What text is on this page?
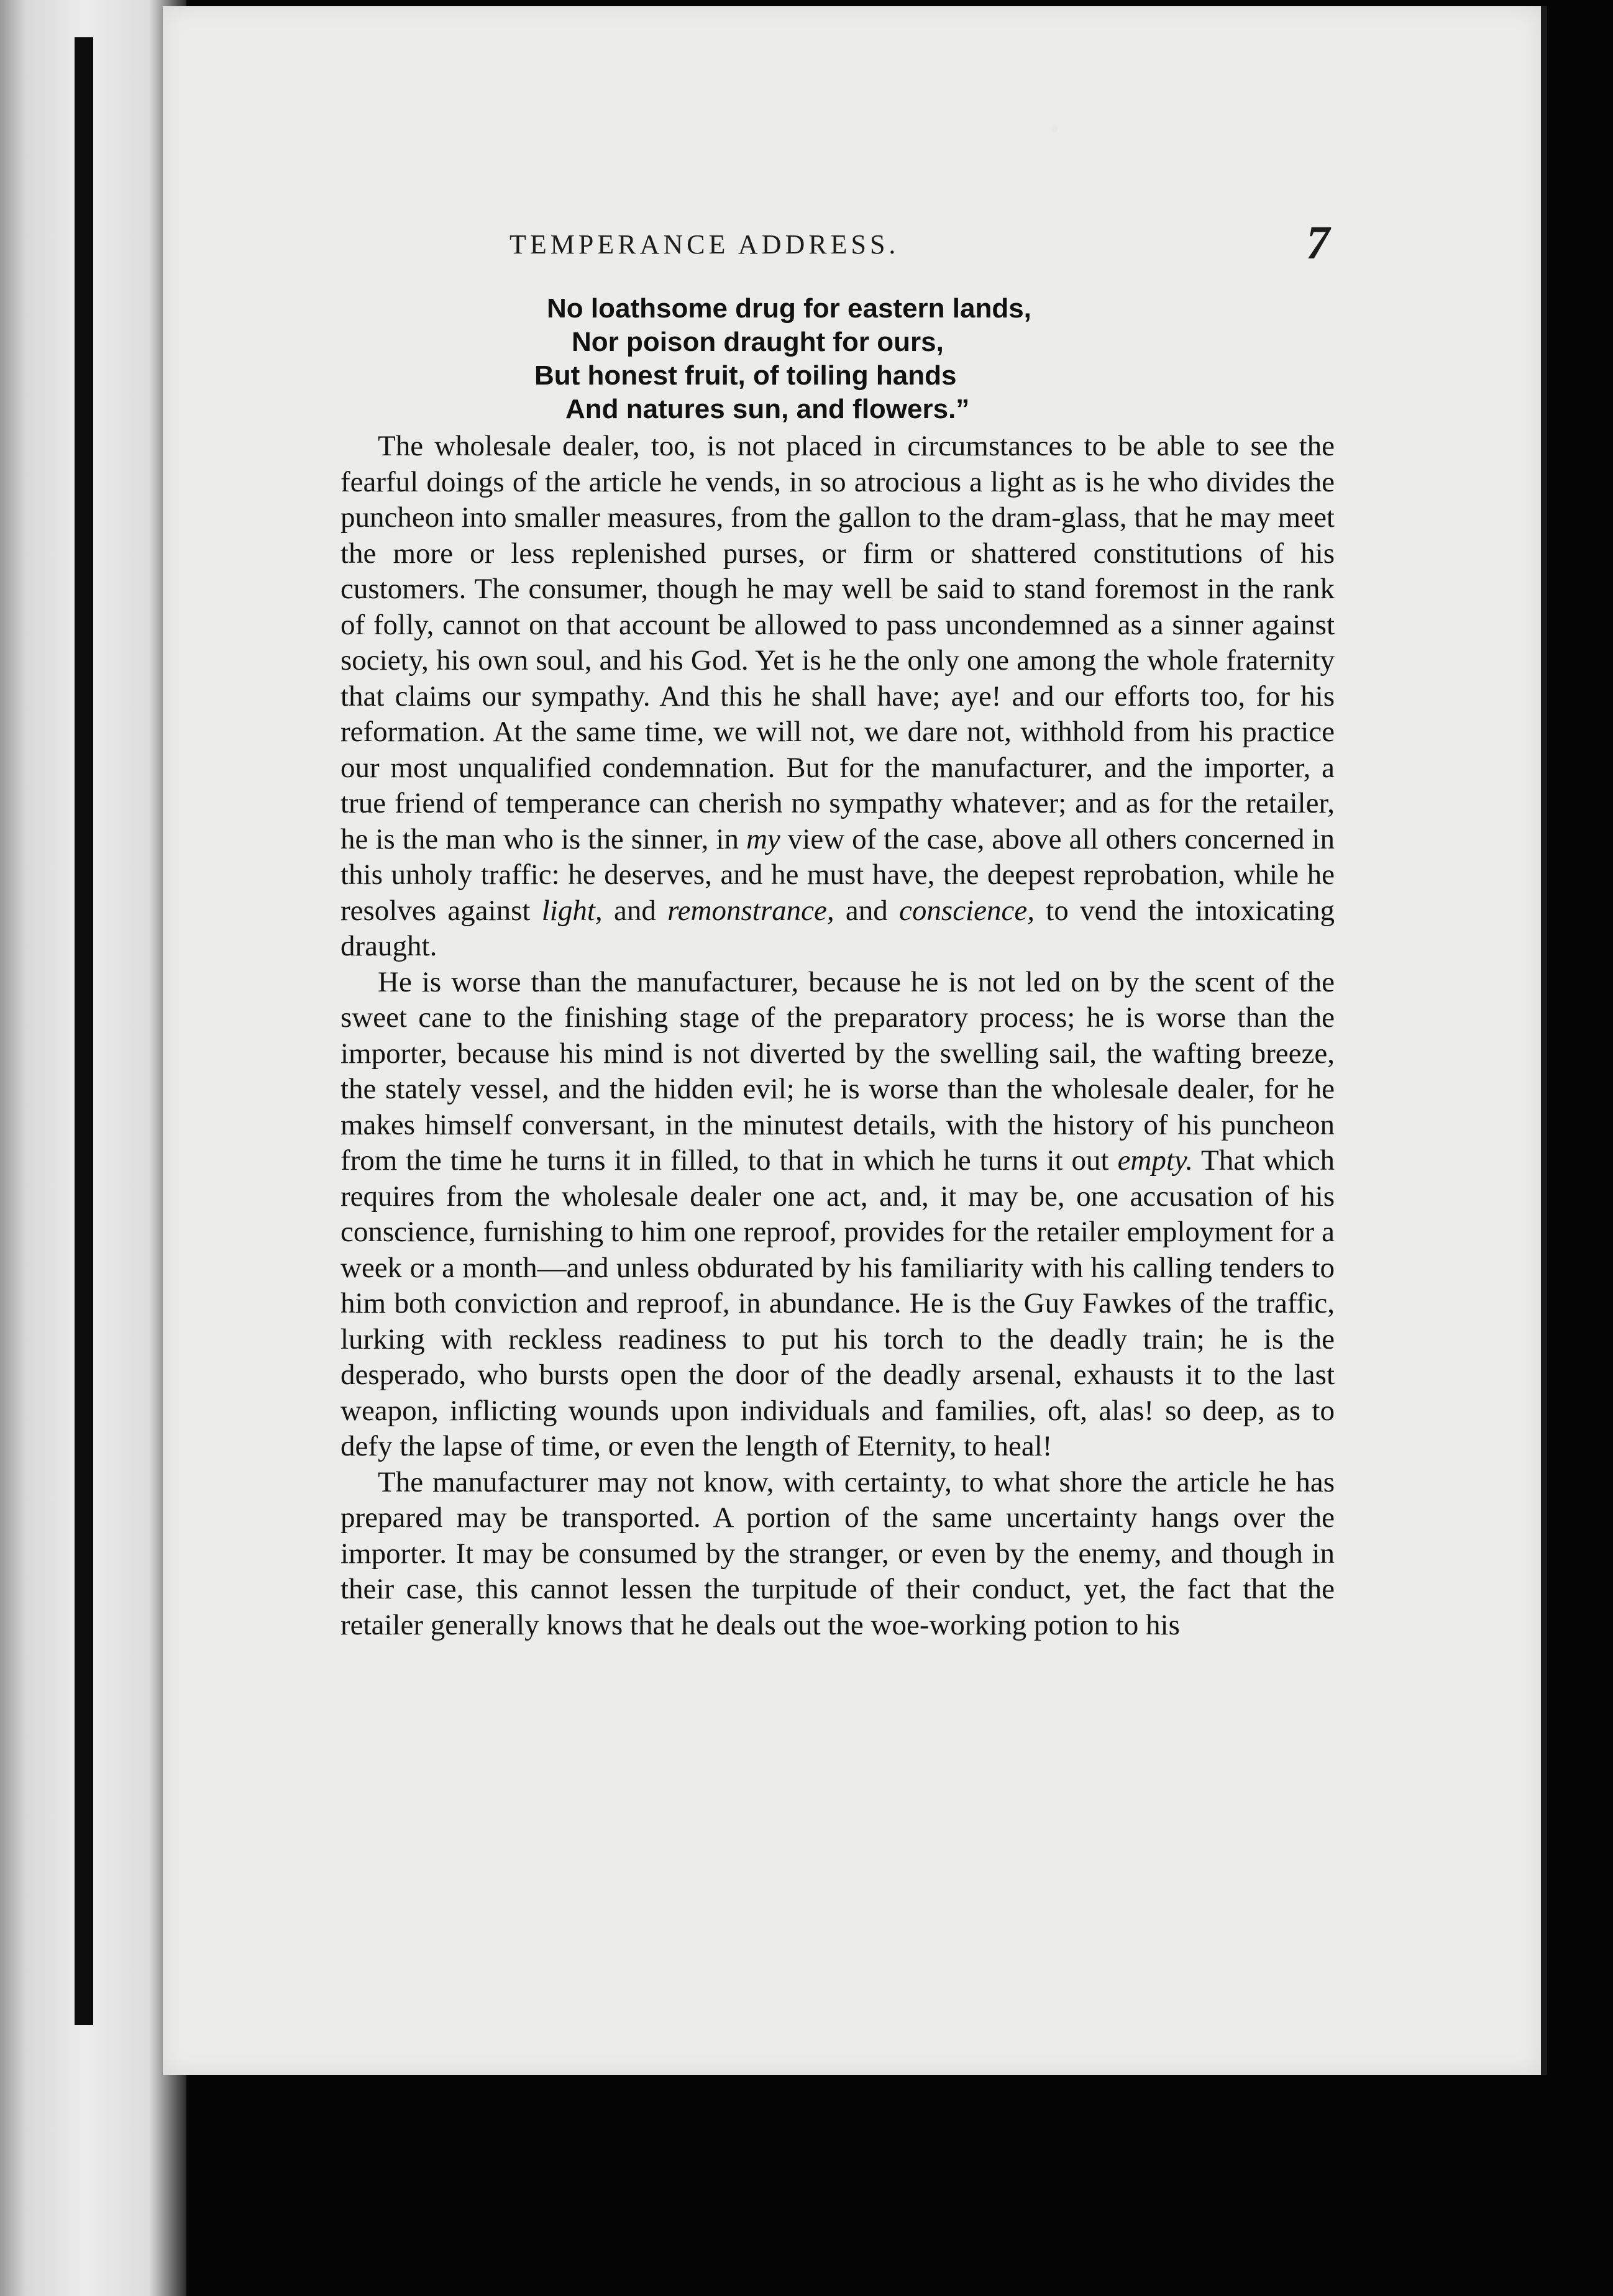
TEMPERANCE ADDRESS.	7
No loathsome drug for eastern lands,
Nor poison draught for ours,
But honest fruit, of toiling hands
And natures sun, and flowers.”

The wholesale dealer, too, is not placed in circumstances to be able to see the fearful doings of the article he vends, in so atrocious a light as is he who divides the puncheon into smaller measures, from the gallon to the dram-glass, that he may meet the more or less replenished purses, or firm or shattered constitutions of his customers. The consumer, though he may well be said to stand foremost in the rank of folly, cannot on that account be allowed to pass uncondemned as a sinner against society, his own soul, and his God. Yet is he the only one among the whole fraternity that claims our sympathy. And this he shall have; aye! and our efforts too, for his reformation. At the same time, we will not, we dare not, withhold from his practice our most unqualified condemnation. But for the manufacturer, and the importer, a true friend of temperance can cherish no sympathy whatever; and as for the retailer, he is the man who is the sinner, in my view of the case, above all others concerned in this unholy traffic: he deserves, and he must have, the deepest reprobation, while he resolves against light, and remonstrance, and conscience, to vend the intoxicating draught.

He is worse than the manufacturer, because he is not led on by the scent of the sweet cane to the finishing stage of the preparatory process; he is worse than the importer, because his mind is not diverted by the swelling sail, the wafting breeze, the stately vessel, and the hidden evil; he is worse than the wholesale dealer, for he makes himself conversant, in the minutest details, with the history of his puncheon from the time he turns it in filled, to that in which he turns it out empty. That which requires from the wholesale dealer one act, and, it may be, one accusation of his conscience, furnishing to him one reproof, provides for the retailer employment for a week or a month—and unless obdurated by his familiarity with his calling tenders to him both conviction and reproof, in abundance. He is the Guy Fawkes of the traffic, lurking with reckless readiness to put his torch to the deadly train; he is the desperado, who bursts open the door of the deadly arsenal, exhausts it to the last weapon, inflicting wounds upon individuals and families, oft, alas! so deep, as to defy the lapse of time, or even the length of Eternity, to heal!

The manufacturer may not know, with certainty, to what shore the article he has prepared may be transported. A portion of the same uncertainty hangs over the importer. It may be consumed by the stranger, or even by the enemy, and though in their case, this cannot lessen the turpitude of their conduct, yet, the fact that the retailer generally knows that he deals out the woe-working potion to his
